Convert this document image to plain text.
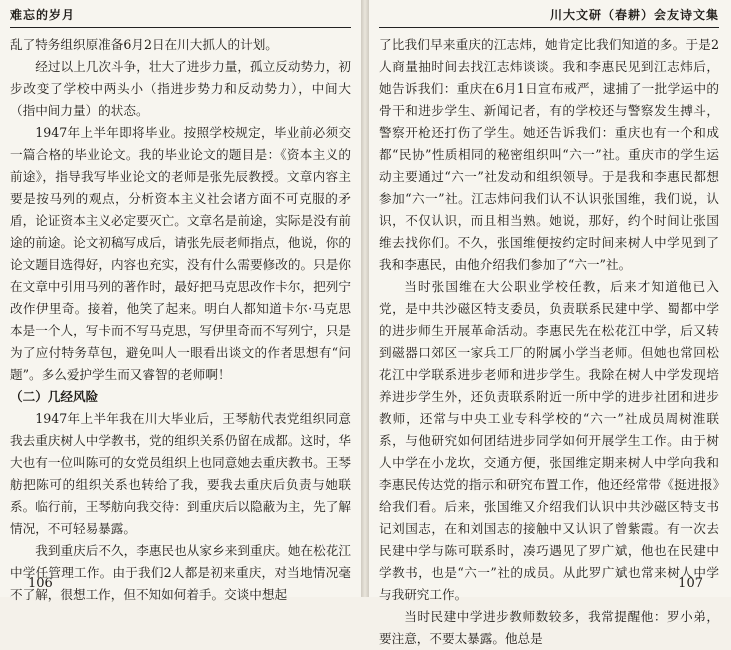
难忘的岁月

乱了特务组织原准备6月2日在川大抓人的计划。

经过以上几次斗争，壮大了进步力量，孤立反动势力，初步改变了学校中两头小（指进步势力和反动势力），中间大（指中间力量）的状态。

1947年上半年即将毕业。按照学校规定，毕业前必须交一篇合格的毕业论文。我的毕业论文的题目是：《资本主义的前途》，指导我写毕业论文的老师是张先辰教授。文章内容主要是按马列的观点，分析资本主义社会诸方面不可克服的矛盾，论证资本主义必定要灭亡。文章名是前途，实际是没有前途的前途。论文初稿写成后，请张先辰老师指点，他说，你的论文题目选得好，内容也充实，没有什么需要修改的。只是你在文章中引用马列的著作时，最好把马克思改作卡尔，把列宁改作伊里奇。接着，他笑了起来。明白人都知道卡尔·马克思本是一个人，写卡而不写马克思，写伊里奇而不写列宁，只是为了应付特务草包，避免叫人一眼看出谈文的作者思想有“问题”。多么爱护学生而又睿智的老师啊！

（二）几经风险

1947年上半年我在川大毕业后，王琴舫代表党组织同意我去重庆树人中学教书，党的组织关系仍留在成都。这时，华大也有一位叫陈可的女党员组织上也同意她去重庆教书。王琴舫把陈可的组织关系也转给了我，要我去重庆后负责与她联系。临行前，王琴舫向我交待：到重庆后以隐蔽为主，先了解情况，不可轻易暴露。

我到重庆后不久，李惠民也从家乡来到重庆。她在松花江中学任管理工作。由于我们2人都是初来重庆，对当地情况毫不了解，很想工作，但不知如何着手。交谈中想起

106
川大文研（春耕）会友诗文集

了比我们早来重庆的江志炜，她肯定比我们知道的多。于是2人商量抽时间去找江志炜谈谈。我和李惠民见到江志炜后，她告诉我们：重庆在6月1日宣布戒严，逮捕了一批学运中的骨干和进步学生、新闻记者，有的学校还与警察发生搏斗，警察开枪还打伤了学生。她还告诉我们：重庆也有一个和成都“民协”性质相同的秘密组织叫“六一”社。重庆市的学生运动主要通过“六一”社发动和组织领导。于是我和李惠民都想参加“六一”社。江志炜问我们认不认识张国维，我们说，认识，不仅认识，而且相当熟。她说，那好，约个时间让张国维去找你们。不久，张国维便按约定时间来树人中学见到了我和李惠民，由他介绍我们参加了“六一”社。

当时张国维在大公职业学校任教，后来才知道他已入党，是中共沙磁区特支委员，负责联系民建中学、蜀都中学的进步师生开展革命活动。李惠民先在松花江中学，后又转到磁器口郊区一家兵工厂的附属小学当老师。但她也常回松花江中学联系进步老师和进步学生。我除在树人中学发现培养进步学生外，还负责联系附近一所中学的进步社团和进步教师，还常与中央工业专科学校的“六一”社成员周树淮联系，与他研究如何团结进步同学如何开展学生工作。由于树人中学在小龙坎，交通方便，张国维定期来树人中学向我和李惠民传达党的指示和研究布置工作，他还经常带《挺进报》给我们看。后来，张国维又介绍我们认识中共沙磁区特支书记刘国志，在和刘国志的接触中又认识了曾紫霞。有一次去民建中学与陈可联系时，凑巧遇见了罗广斌，他也在民建中学教书，也是“六一”社的成员。从此罗广斌也常来树人中学与我研究工作。

当时民建中学进步教师数较多，我常提醒他：罗小弟，要注意，不要太暴露。他总是

107
